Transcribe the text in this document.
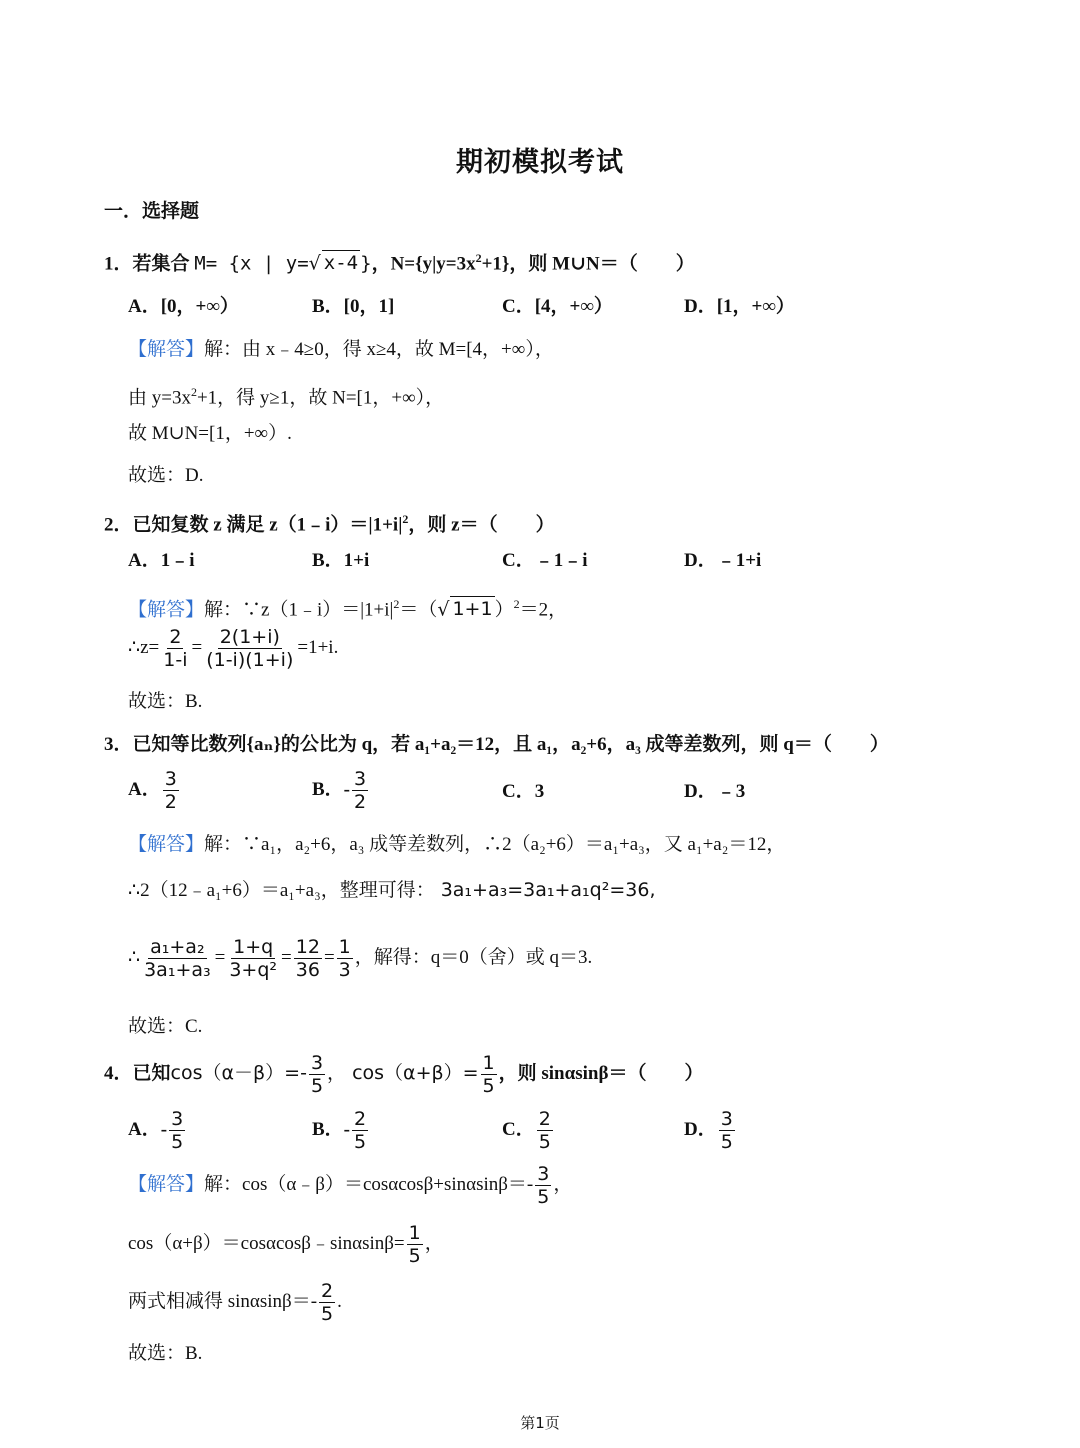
期初模拟考试
一．选择题
1．若集合 M= {x | y=√ x-4 }，$N=\{y|y=3x^2+1\}$，则 M∪N＝（　　）
A．[0，+∞）	B．[0，1]	C．[4，+∞）	D．[1，+∞）
【解答】解：由 x﹣4≥0，得 x≥4，故 M=[4，+∞），
由 $y=3x^2+1$，得 y≥1，故 N=[1，+∞），
故 M∪N=[1，+∞）.
故选：D.
2．已知复数 z 满足 $z(1﹣i)=|1+i|^2$，则 z＝（　　）
A．1﹣i	B．1+i	C．﹣1﹣i	D．﹣1+i
【解答】解：$\because z(1﹣i)=|1+i|^2=(√$ 1+1 ）$^2$＝2，
∴z= $\frac{2}{1-i} = \frac{2(1+i)}{(1-i)(1+i)} =1+i$.
故选：B.
3．已知等比数列{aₙ}的公比为 q，若 a₁+a₂＝12，且 a₁，a₂+6，a₃ 成等差数列，则 q＝（　　）
A． $\frac{3}{2}$	B．- $\frac{3}{2}$	C．3	D．﹣3
【解答】解：∵a₁，a₂+6，a₃ 成等差数列，∴2（a₂+6）＝a₁+a₃，又 a₁+a₂＝12，
∴2（12﹣a₁+6）＝a₁+a₃，整理可得： 3a₁+a₃=3a₁+a₁q²=36,
∴ $\frac{\text{a₁+a₂}}{\text{3a₁+a₃}} = \frac{1+q}{\text{3+q²}} = \frac{12}{36} = \frac{1}{3}$ ，解得：q＝0（舍）或 q＝3.
故选：C.
4．已知$\cos(\alpha-\beta)=- \frac{3}{5}$ ， $\cos(\alpha+\beta)= \frac{1}{5}$ ，则 sinαsinβ＝（　　）
A．- $\frac{3}{5}$	B．- $\frac{2}{5}$	C． $\frac{2}{5}$	D． $\frac{3}{5}$
【解答】解：cos（α﹣β）＝cosαcosβ+sinαsinβ＝- $\frac{3}{5}$ ，
cos（α+β）＝cosαcosβ﹣sinαsinβ= $\frac{1}{5}$ ，
两式相减得 $\sin\alpha\sin\beta=- \frac{2}{5}$ .
故选：B.
第1页
